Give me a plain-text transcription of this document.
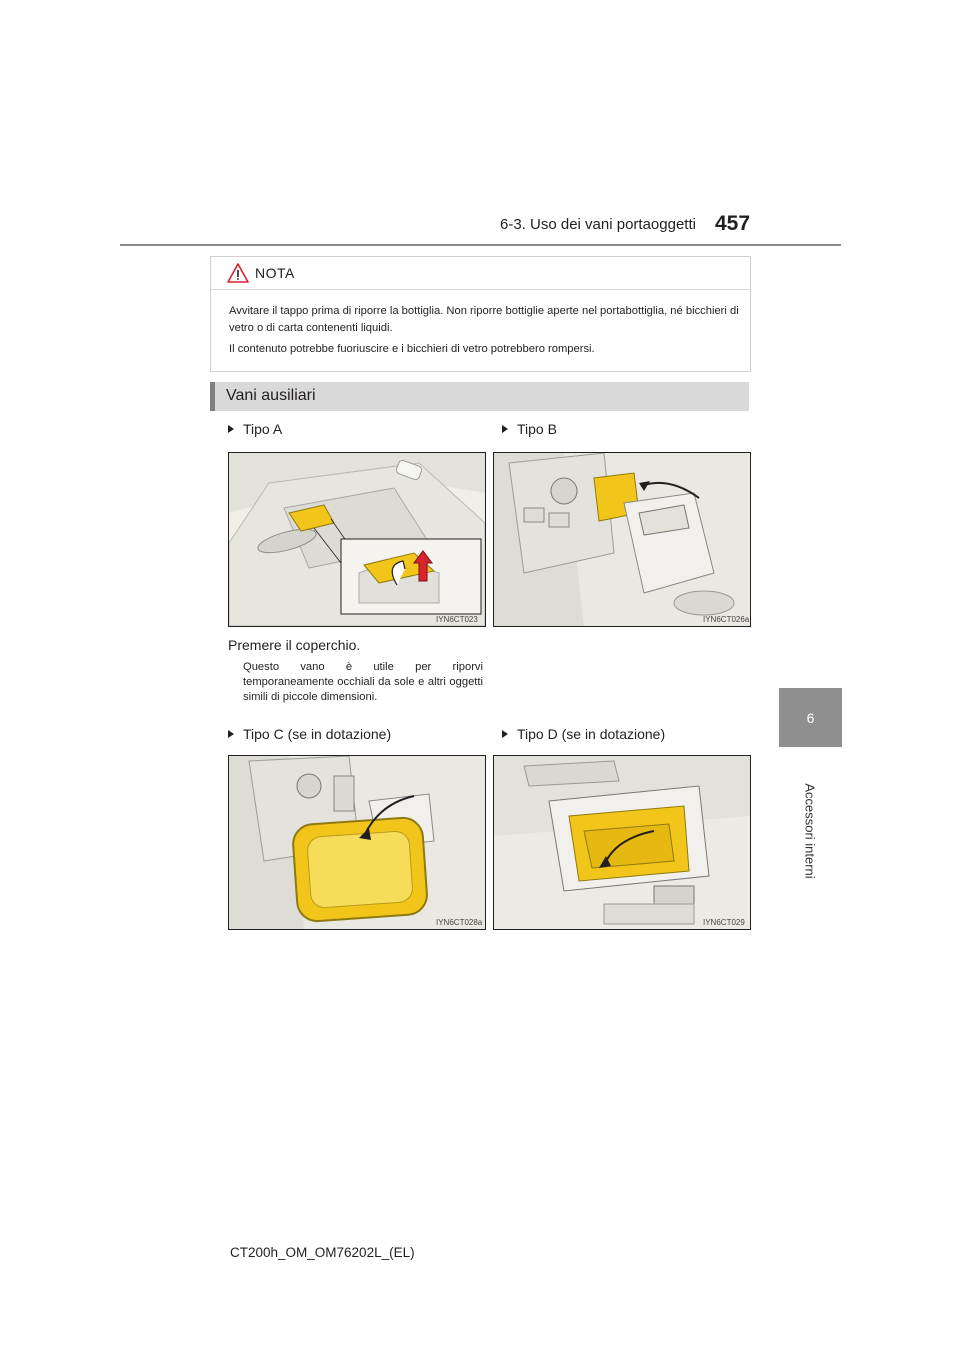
6-3. Uso dei vani portaoggetti 457
6
Accessori interni
NOTA
Avvitare il tappo prima di riporre la bottiglia. Non riporre bottiglie aperte nel portabottiglia, né bicchieri di vetro o di carta contenenti liquidi.
Il contenuto potrebbe fuoriuscire e i bicchieri di vetro potrebbero rompersi.
Vani ausiliari
Tipo A	Tipo B
IYN6CT023	IYN6CT026a
Premere il coperchio.
Questo vano è utile per riporvi temporaneamente occhiali da sole e altri oggetti simili di piccole dimensioni.
Tipo C (se in dotazione)	Tipo D (se in dotazione)
IYN6CT028a	IYN6CT029
CT200h_OM_OM76202L_(EL)
